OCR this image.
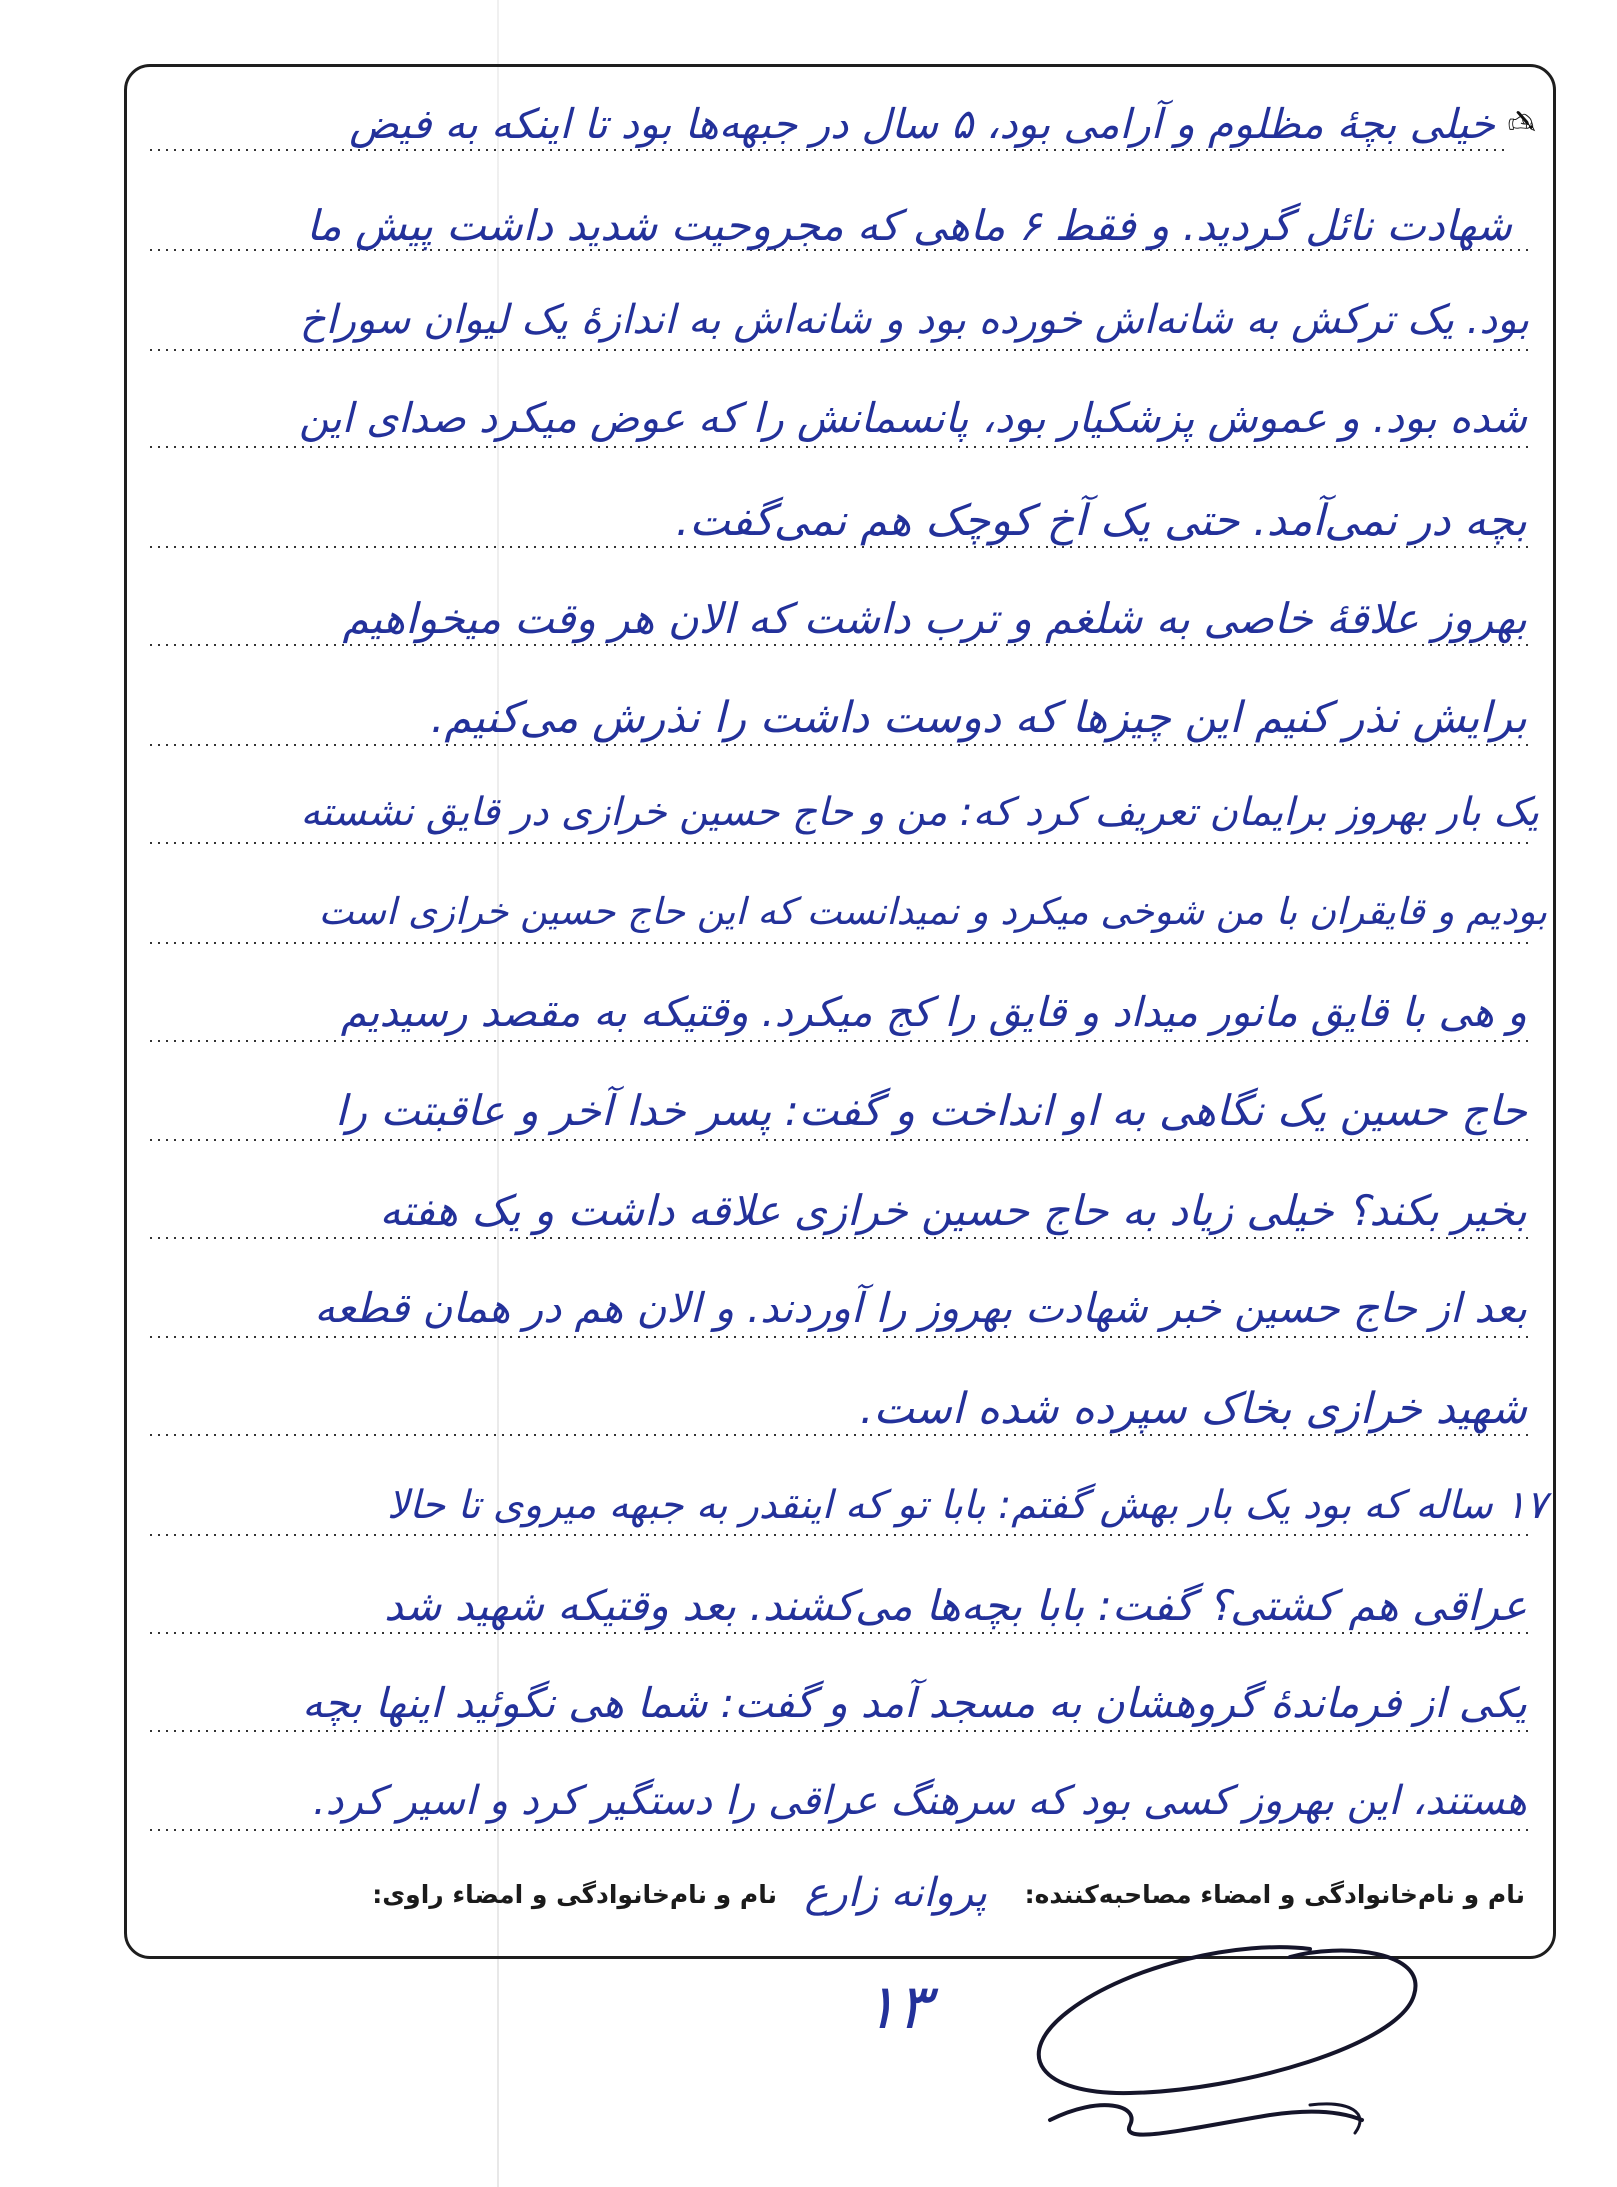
✍
خیلی بچهٔ مظلوم و آرامی بود، ۵ سال در جبهه‌ها بود تا اینکه به فیض
شهادت نائل گردید. و فقط ۶ ماهی که مجروحیت شدید داشت پیش ما
بود. یک ترکش به شانه‌اش خورده بود و شانه‌اش به اندازهٔ یک لیوان سوراخ
شده بود. و عموش پزشکیار بود، پانسمانش را که عوض میکرد صدای این
بچه در نمی‌آمد. حتی یک آخ کوچک هم نمی‌گفت.
بهروز علاقهٔ خاصی به شلغم و ترب داشت که الان هر وقت میخواهیم
برایش نذر کنیم این چیزها که دوست داشت را نذرش می‌کنیم.
یک بار بهروز برایمان تعریف کرد که: من و حاج حسین خرازی در قایق نشسته
بودیم و قایقران با من شوخی میکرد و نمیدانست که این حاج حسین خرازی است
و هی با قایق مانور میداد و قایق را کج میکرد. وقتیکه به مقصد رسیدیم
حاج حسین یک نگاهی به او انداخت و گفت: پسر خدا آخر و عاقبتت را
بخیر بکند؟ خیلی زیاد به حاج حسین خرازی علاقه داشت و یک هفته
بعد از حاج حسین خبر شهادت بهروز را آوردند. و الان هم در همان قطعه
شهید خرازی بخاک سپرده شده است.
۱۷ ساله که بود یک بار بهش گفتم: بابا تو که اینقدر به جبهه میروی تا حالا
عراقی هم کشتی؟ گفت: بابا بچه‌ها می‌کشند. بعد وقتیکه شهید شد
یکی از فرماندهٔ گروهشان به مسجد آمد و گفت: شما هی نگوئید اینها بچه
هستند، این بهروز کسی بود که سرهنگ عراقی را دستگیر کرد و اسیر کرد.
نام و نام‌خانوادگی و امضاء مصاحبه‌کننده:
پروانه زارع
نام و نام‌خانوادگی و امضاء راوی:
۱۳
